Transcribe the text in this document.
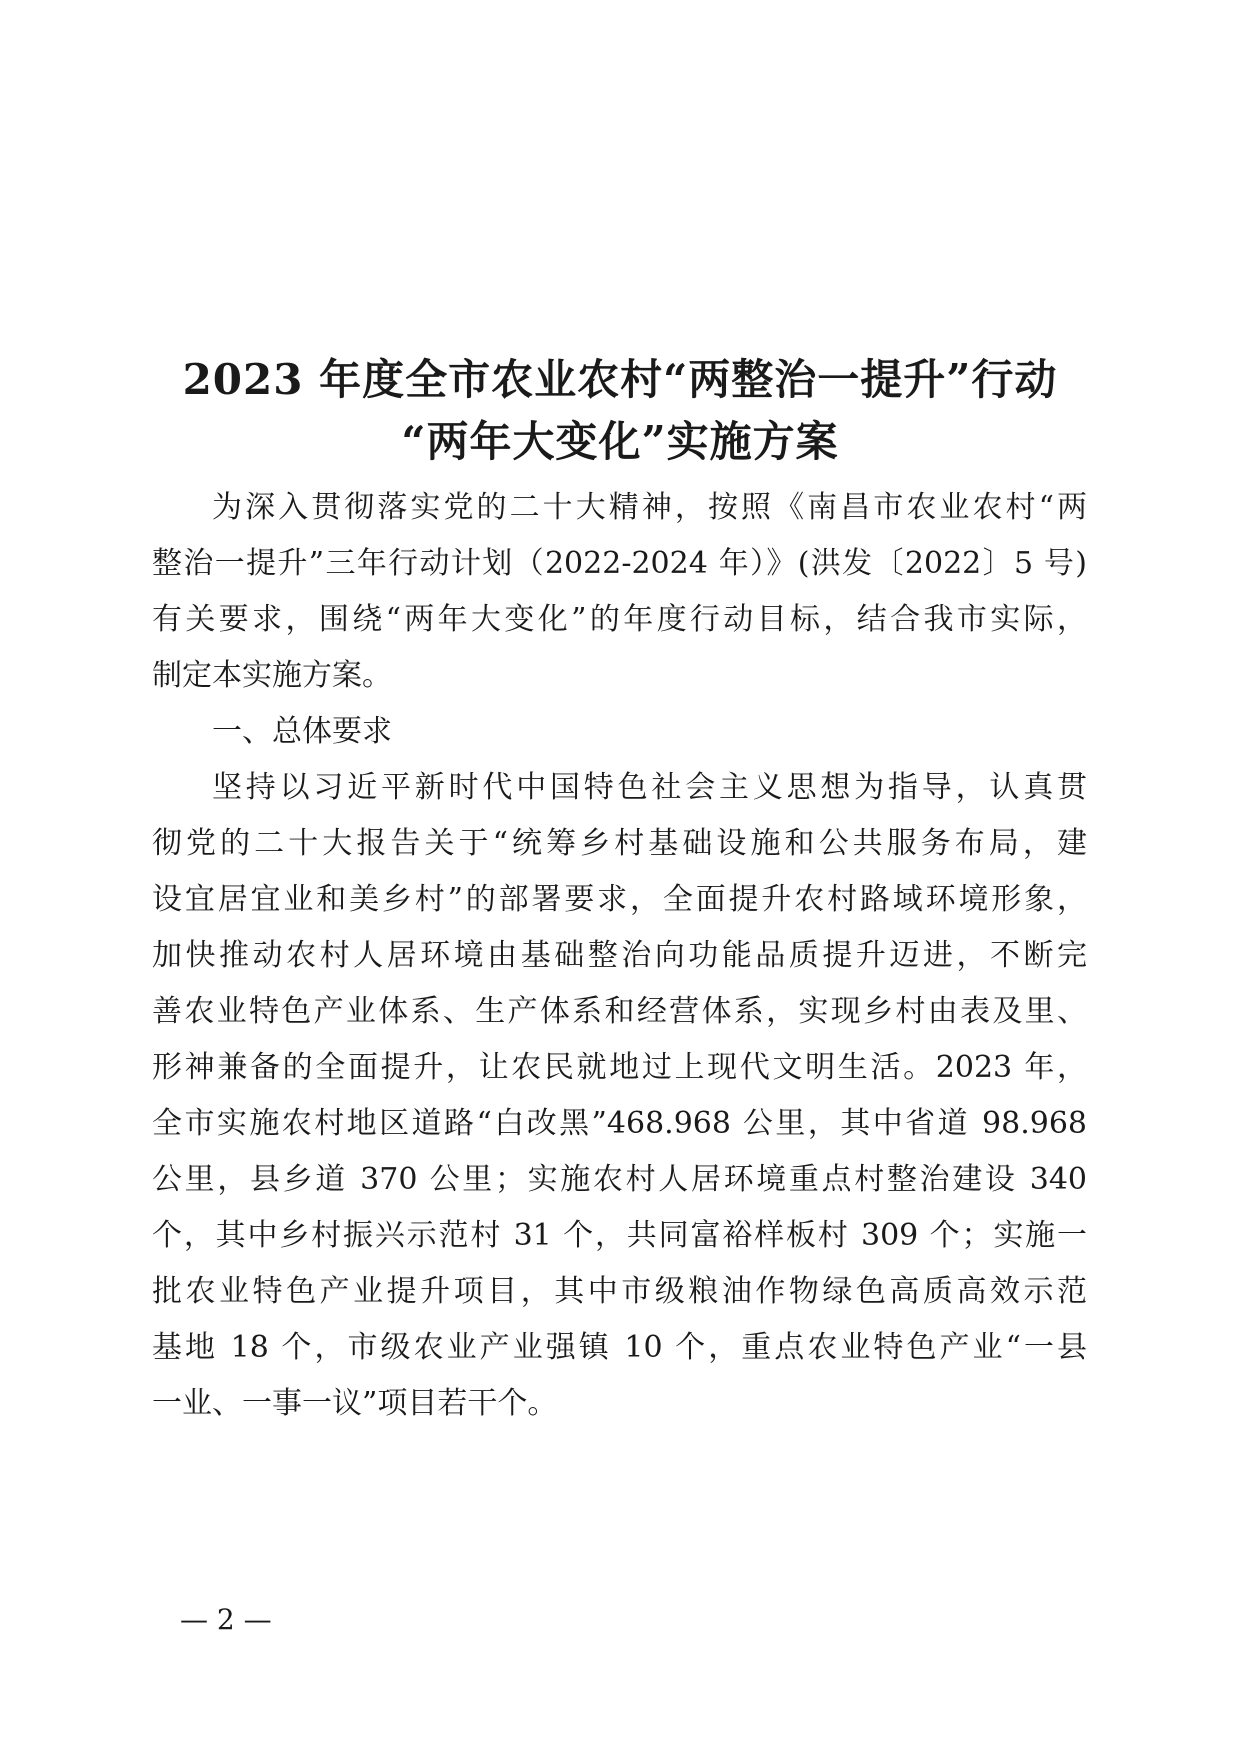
2023 年度全市农业农村“两整治一提升”行动
“两年大变化”实施方案
为深入贯彻落实党的二十大精神，按照《南昌市农业农村“两
整治一提升”三年行动计划（2022-2024 年）》(洪发〔2022〕5 号)
有关要求，围绕“两年大变化”的年度行动目标，结合我市实际，
制定本实施方案。
一、总体要求
坚持以习近平新时代中国特色社会主义思想为指导，认真贯
彻党的二十大报告关于“统筹乡村基础设施和公共服务布局，建
设宜居宜业和美乡村”的部署要求，全面提升农村路域环境形象，
加快推动农村人居环境由基础整治向功能品质提升迈进，不断完
善农业特色产业体系、生产体系和经营体系，实现乡村由表及里、
形神兼备的全面提升，让农民就地过上现代文明生活。2023 年，
全市实施农村地区道路“白改黑”468.968 公里，其中省道 98.968
公里，县乡道 370 公里；实施农村人居环境重点村整治建设 340
个，其中乡村振兴示范村 31 个，共同富裕样板村 309 个；实施一
批农业特色产业提升项目，其中市级粮油作物绿色高质高效示范
基地 18 个，市级农业产业强镇 10 个，重点农业特色产业“一县
一业、一事一议”项目若干个。
— 2 —
